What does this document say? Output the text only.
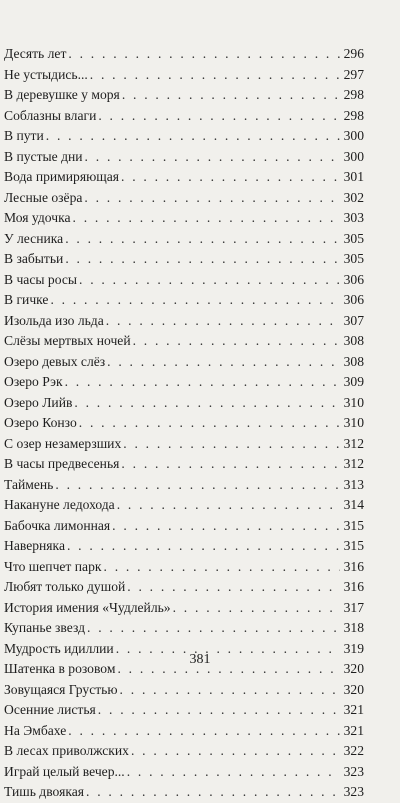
Десять лет . . .	296
Не устыдись... . . .	297
В деревушке у моря . . .	298
Соблазны влаги . . .	298
В пути . . .	300
В пустые дни . . .	300
Вода примиряющая . . .	301
Лесные озёра . . .	302
Моя удочка . . .	303
У лесника . . .	305
В забытьи . . .	305
В часы росы . . .	306
В гичке . . .	306
Изольда изо льда . . .	307
Слёзы мертвых ночей . . .	308
Озеро девых слёз . . .	308
Озеро Рэк . . .	309
Озеро Лийв . . .	310
Озеро Конзо . . .	310
С озер незамерзших . . .	312
В часы предвесенья . . .	312
Таймень . . .	313
Накануне ледохода . . .	314
Бабочка лимонная . . .	315
Наверняка . . .	315
Что шепчет парк . . .	316
Любят только душой . . .	316
История имения «Чудлейль» . . .	317
Купанье звезд . . .	318
Мудрость идиллии . . .	319
Шатенка в розовом . . .	320
Зовущаяся Грустью . . .	320
Осенние листья . . .	321
На Эмбахе . . .	321
В лесах приволжских . . .	322
Играй целый вечер... . . .	323
Тишь двоякая . . .	323
381
